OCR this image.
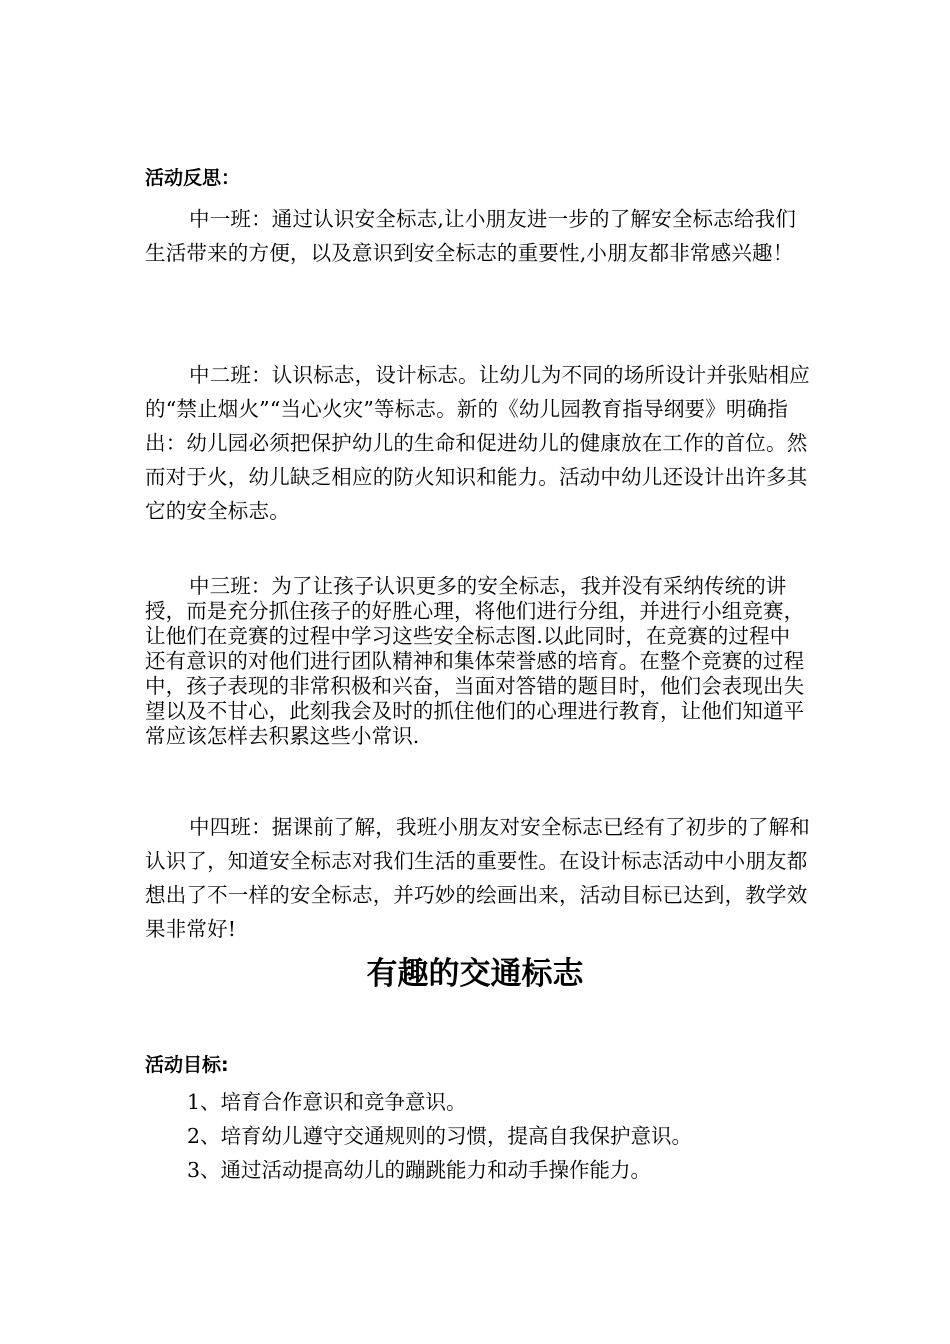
活动反思：

中一班：通过认识安全标志,让小朋友进一步的了解安全标志给我们生活带来的方便，以及意识到安全标志的重要性,小朋友都非常感兴趣！

中二班：认识标志，设计标志。让幼儿为不同的场所设计并张贴相应的“禁止烟火”“当心火灾”等标志。新的《幼儿园教育指导纲要》明确指出：幼儿园必须把保护幼儿的生命和促进幼儿的健康放在工作的首位。然而对于火，幼儿缺乏相应的防火知识和能力。活动中幼儿还设计出许多其它的安全标志。

中三班：为了让孩子认识更多的安全标志，我并没有采纳传统的讲授，而是充分抓住孩子的好胜心理，将他们进行分组，并进行小组竞赛，让他们在竞赛的过程中学习这些安全标志图.以此同时，在竞赛的过程中还有意识的对他们进行团队精神和集体荣誉感的培育。在整个竞赛的过程中，孩子表现的非常积极和兴奋，当面对答错的题目时，他们会表现出失望以及不甘心，此刻我会及时的抓住他们的心理进行教育，让他们知道平常应该怎样去积累这些小常识.

中四班：据课前了解，我班小朋友对安全标志已经有了初步的了解和认识了，知道安全标志对我们生活的重要性。在设计标志活动中小朋友都想出了不一样的安全标志，并巧妙的绘画出来，活动目标已达到，教学效果非常好!

有趣的交通标志
活动目标:
1、培育合作意识和竞争意识。
2、培育幼儿遵守交通规则的习惯，提高自我保护意识。
3、通过活动提高幼儿的蹦跳能力和动手操作能力。
